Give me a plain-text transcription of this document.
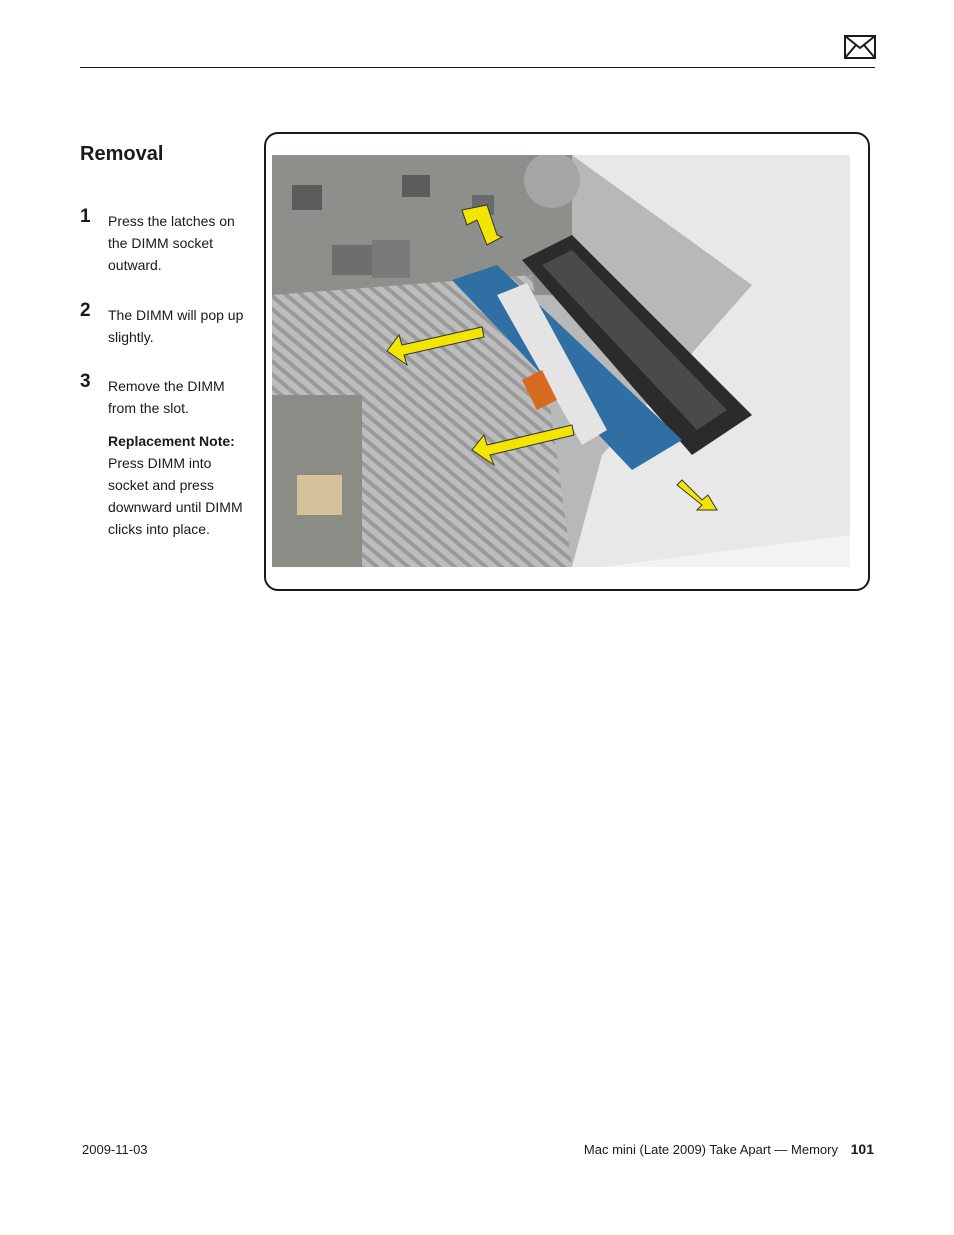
Removal
1 Press the latches on the DIMM socket outward.
2 The DIMM will pop up slightly.
3 Remove the DIMM from the slot.
Replacement Note:
Press DIMM into socket and press downward until DIMM clicks into place.
2009-11-03	Mac mini (Late 2009) Take Apart — Memory 101
